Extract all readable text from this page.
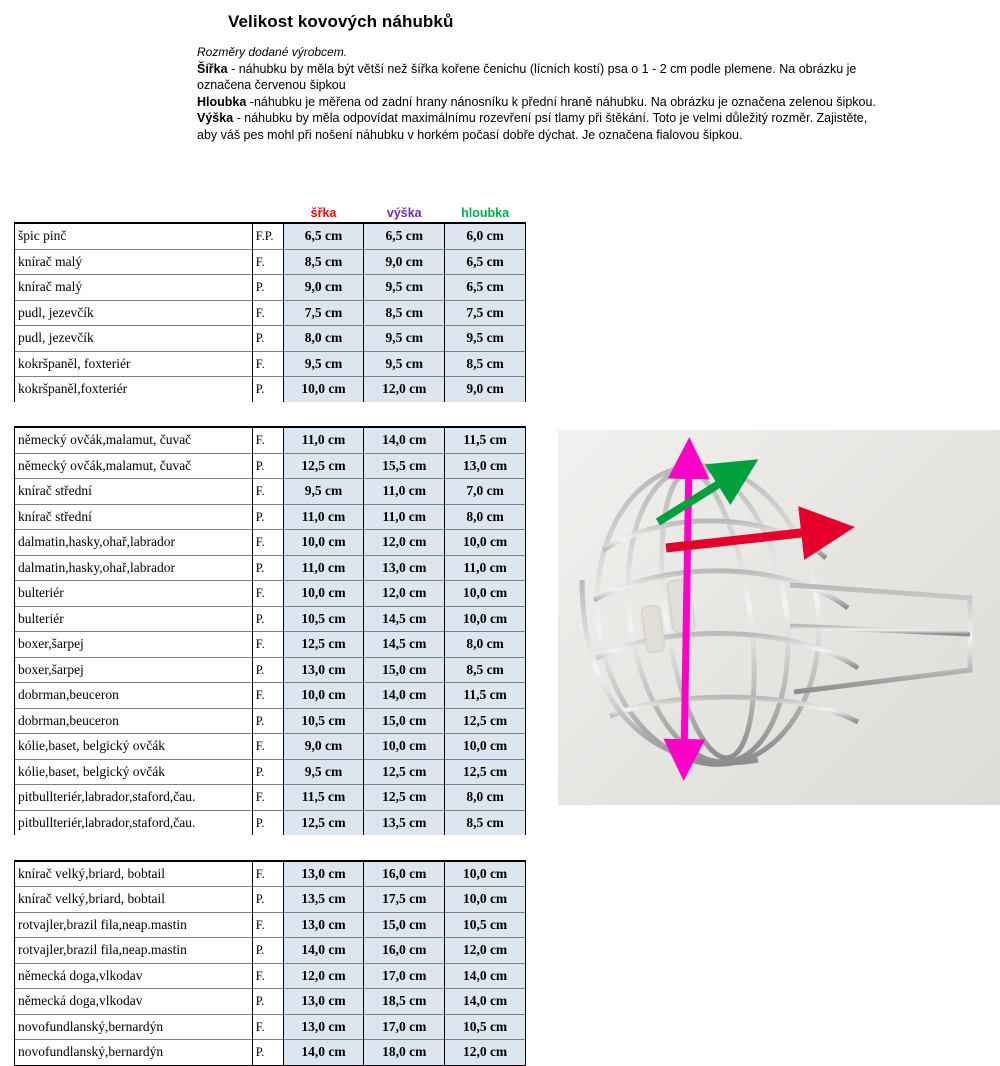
Velikost kovových náhubků
Rozměry dodané výrobcem.
Šířka - náhubku by měla být větší než šířka kořene čenichu (lícních kostí) psa o 1 - 2 cm podle plemene. Na obrázku je označena červenou šipkou
Hloubka -náhubku je měřena od zadní hrany nánosníku k přední hraně náhubku. Na obrázku je označena zelenou šipkou.
Výška - náhubku by měla odpovídat maximálnímu rozevření psí tlamy při štěkání. Toto je velmi důležitý rozměr. Zajistěte, aby váš pes mohl při nošení náhubku v horkém počasí dobře dýchat. Je označena fialovou šipkou.
		šřka	výška	hloubka
špic pinč	F.P.	6,5 cm	6,5 cm	6,0 cm
knírač malý	F.	8,5 cm	9,0 cm	6,5 cm
knírač malý	P.	9,0 cm	9,5 cm	6,5 cm
pudl, jezevčík	F.	7,5 cm	8,5 cm	7,5 cm
pudl, jezevčík	P.	8,0 cm	9,5 cm	9,5 cm
kokršpaněl, foxteriér	F.	9,5 cm	9,5 cm	8,5 cm
kokršpaněl,foxteriér	P.	10,0 cm	12,0 cm	9,0 cm

německý ovčák,malamut, čuvač	F.	11,0 cm	14,0 cm	11,5 cm
německý ovčák,malamut, čuvač	P.	12,5 cm	15,5 cm	13,0 cm
knírač střední	F.	9,5 cm	11,0 cm	7,0 cm
knírač střední	P.	11,0 cm	11,0 cm	8,0 cm
dalmatin,hasky,ohař,labrador	F.	10,0 cm	12,0 cm	10,0 cm
dalmatin,hasky,ohař,labrador	P.	11,0 cm	13,0 cm	11,0 cm
bulteriér	F.	10,0 cm	12,0 cm	10,0 cm
bulteriér	P.	10,5 cm	14,5 cm	10,0 cm
boxer,šarpej	F.	12,5 cm	14,5 cm	8,0 cm
boxer,šarpej	P.	13,0 cm	15,0 cm	8,5 cm
dobrman,beuceron	F.	10,0 cm	14,0 cm	11,5 cm
dobrman,beuceron	P.	10,5 cm	15,0 cm	12,5 cm
kólie,baset, belgický ovčák	F.	9,0 cm	10,0 cm	10,0 cm
kólie,baset, belgický ovčák	P.	9,5 cm	12,5 cm	12,5 cm
pitbullteriér,labrador,staford,čau.	F.	11,5 cm	12,5 cm	8,0 cm
pitbullteriér,labrador,staford,čau.	P.	12,5 cm	13,5 cm	8,5 cm

knírač velký,briard, bobtail	F.	13,0 cm	16,0 cm	10,0 cm
knírač velký,briard, bobtail	P.	13,5 cm	17,5 cm	10,0 cm
rotvajler,brazil fila,neap.mastin	F.	13,0 cm	15,0 cm	10,5 cm
rotvajler,brazil fila,neap.mastin	P.	14,0 cm	16,0 cm	12,0 cm
německá doga,vlkodav	F.	12,0 cm	17,0 cm	14,0 cm
německá doga,vlkodav	P.	13,0 cm	18,5 cm	14,0 cm
novofundlanský,bernardýn	F.	13,0 cm	17,0 cm	10,5 cm
novofundlanský,bernardýn	P.	14,0 cm	18,0 cm	12,0 cm
